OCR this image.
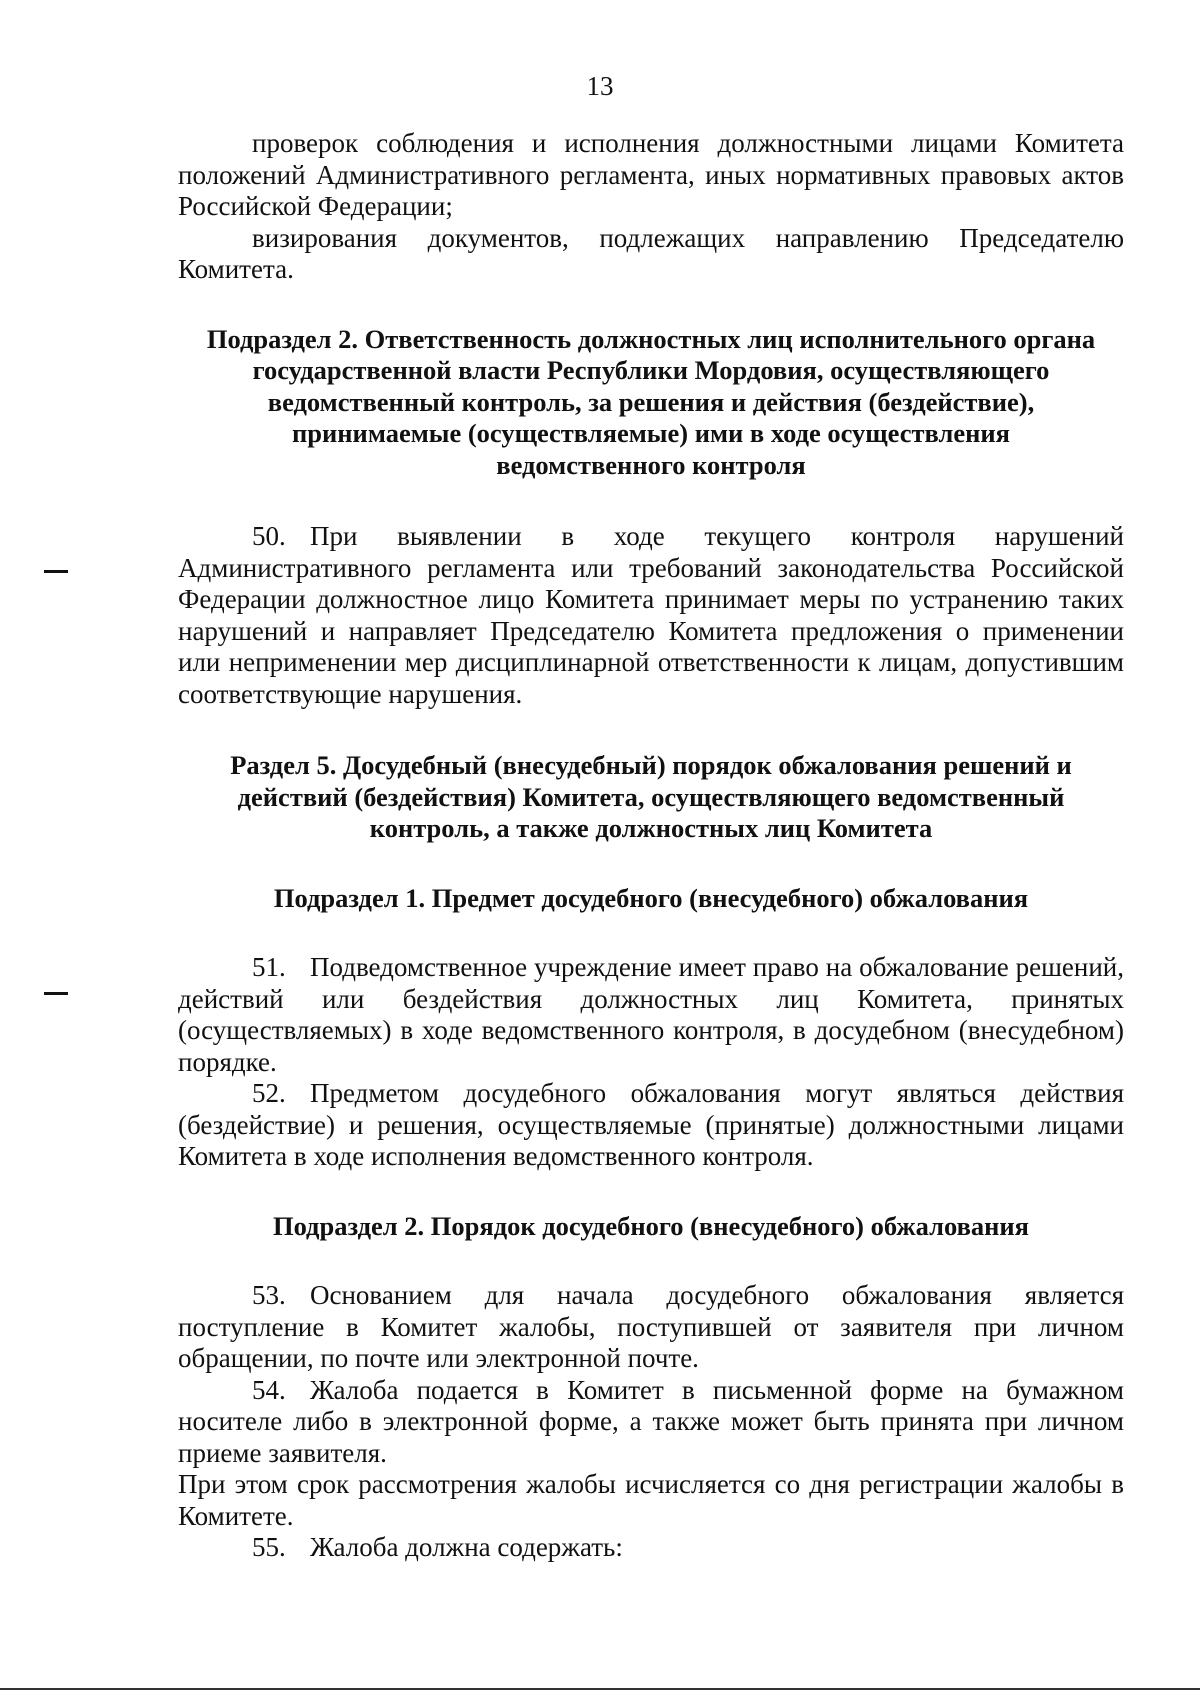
13

проверок соблюдения и исполнения должностными лицами Комитета положений Административного регламента, иных нормативных правовых актов Российской Федерации;

визирования документов, подлежащих направлению Председателю Комитета.

Подраздел 2. Ответственность должностных лиц исполнительного органа государственной власти Республики Мордовия, осуществляющего ведомственный контроль, за решения и действия (бездействие), принимаемые (осуществляемые) ими в ходе осуществления ведомственного контроля

50. При выявлении в ходе текущего контроля нарушений Административного регламента или требований законодательства Российской Федерации должностное лицо Комитета принимает меры по устранению таких нарушений и направляет Председателю Комитета предложения о применении или неприменении мер дисциплинарной ответственности к лицам, допустившим соответствующие нарушения.

Раздел 5. Досудебный (внесудебный) порядок обжалования решений и действий (бездействия) Комитета, осуществляющего ведомственный контроль, а также должностных лиц Комитета

Подраздел 1. Предмет досудебного (внесудебного) обжалования

51. Подведомственное учреждение имеет право на обжалование решений, действий или бездействия должностных лиц Комитета, принятых (осуществляемых) в ходе ведомственного контроля, в досудебном (внесудебном) порядке.

52. Предметом досудебного обжалования могут являться действия (бездействие) и решения, осуществляемые (принятые) должностными лицами Комитета в ходе исполнения ведомственного контроля.

Подраздел 2. Порядок досудебного (внесудебного) обжалования

53. Основанием для начала досудебного обжалования является поступление в Комитет жалобы, поступившей от заявителя при личном обращении, по почте или электронной почте.

54. Жалоба подается в Комитет в письменной форме на бумажном носителе либо в электронной форме, а также может быть принята при личном приеме заявителя.

При этом срок рассмотрения жалобы исчисляется со дня регистрации жалобы в Комитете.

55. Жалоба должна содержать:
